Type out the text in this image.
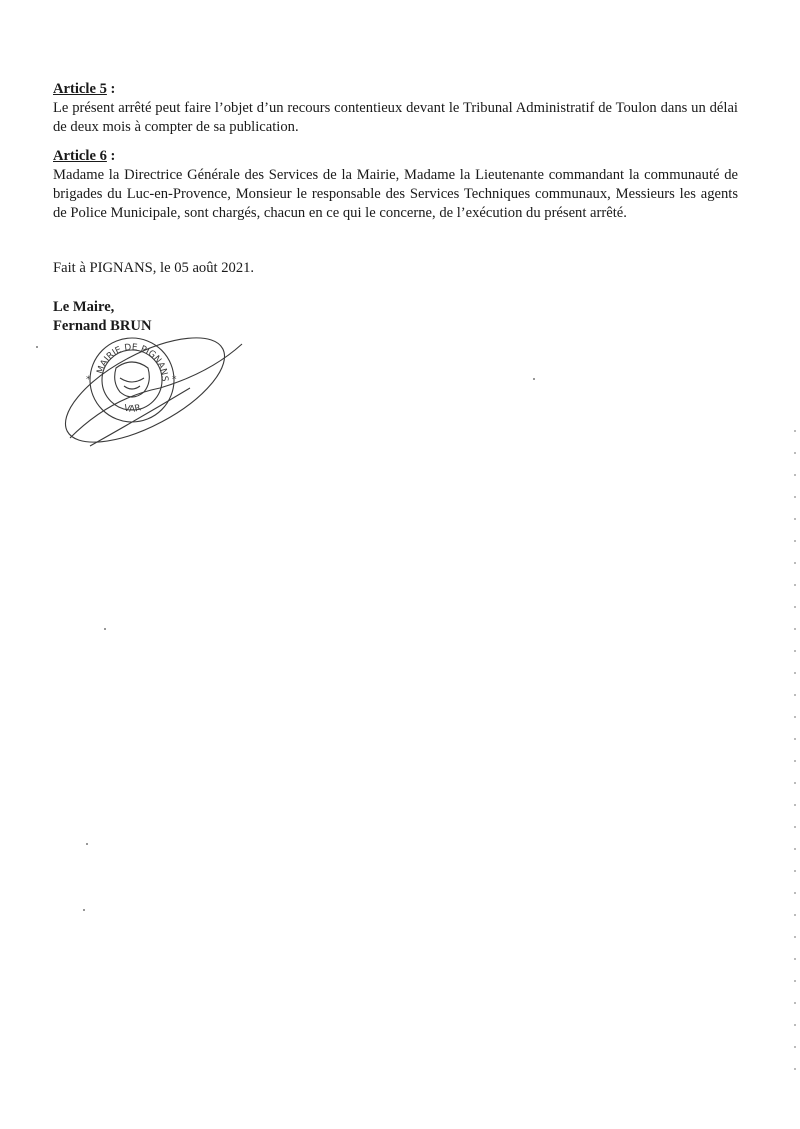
Article 5 :

Le présent arrêté peut faire l’objet d’un recours contentieux devant le Tribunal Administratif de Toulon dans un délai de deux mois à compter de sa publication.

Article 6 :

Madame la Directrice Générale des Services de la Mairie, Madame la Lieutenante commandant la communauté de brigades du Luc-en-Provence, Monsieur le responsable des Services Techniques communaux, Messieurs les agents de Police Municipale, sont chargés, chacun en ce qui le concerne, de l’exécution du présent arrêté.

Fait à PIGNANS, le 05 août 2021.
Le Maire,
Fernand BRUN
MAIRIE DE PIGNANS
VAR
*	*
